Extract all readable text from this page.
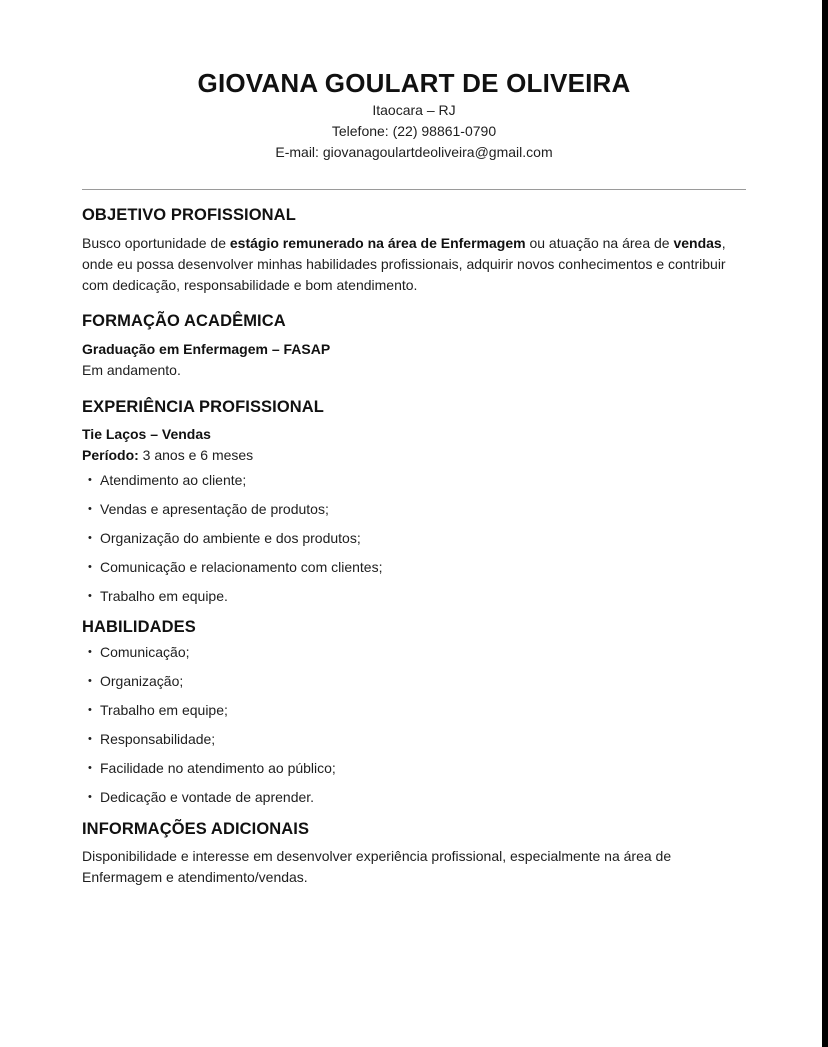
GIOVANA GOULART DE OLIVEIRA
Itaocara – RJ
Telefone: (22) 98861-0790
E-mail: giovanagoulartdeoliveira@gmail.com
OBJETIVO PROFISSIONAL

Busco oportunidade de estágio remunerado na área de Enfermagem ou atuação na área de vendas, onde eu possa desenvolver minhas habilidades profissionais, adquirir novos conhecimentos e contribuir com dedicação, responsabilidade e bom atendimento.

FORMAÇÃO ACADÊMICA

Graduação em Enfermagem – FASAP

Em andamento.

EXPERIÊNCIA PROFISSIONAL

Tie Laços – Vendas

Período: 3 anos e 6 meses

• Atendimento ao cliente;
• Vendas e apresentação de produtos;
• Organização do ambiente e dos produtos;
• Comunicação e relacionamento com clientes;
• Trabalho em equipe.
HABILIDADES
• Comunicação;
• Organização;
• Trabalho em equipe;
• Responsabilidade;
• Facilidade no atendimento ao público;
• Dedicação e vontade de aprender.
INFORMAÇÕES ADICIONAIS

Disponibilidade e interesse em desenvolver experiência profissional, especialmente na área de Enfermagem e atendimento/vendas.
